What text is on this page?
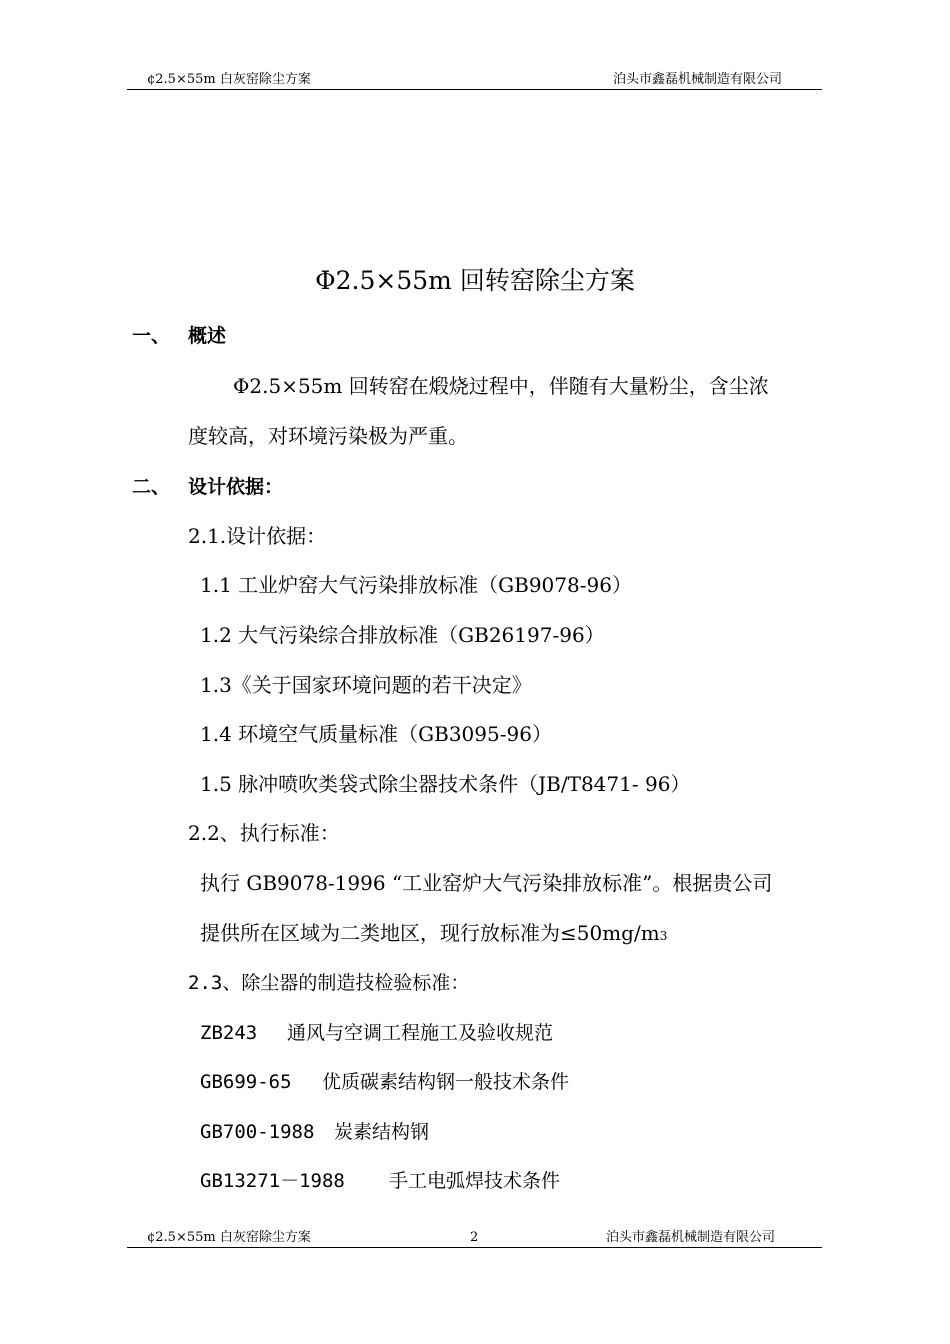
¢2.5×55m 白灰窑除尘方案	泊头市鑫磊机械制造有限公司
Φ2.5×55m 回转窑除尘方案
一、 概述
Φ2.5×55m 回转窑在煅烧过程中，伴随有大量粉尘，含尘浓
度较高，对环境污染极为严重。
二、 设计依据：
2.1.设计依据：
1.1 工业炉窑大气污染排放标准（GB9078-96）
1.2 大气污染综合排放标准（GB26197-96）
1.3《关于国家环境问题的若干决定》
1.4 环境空气质量标准（GB3095-96）
1.5 脉冲喷吹类袋式除尘器技术条件（JB/T8471- 96）
2.2、执行标准：
执行 GB9078-1996 “工业窑炉大气污染排放标准”。根据贵公司
提供所在区域为二类地区，现行放标准为≤50mg/m3
2.3、除尘器的制造技检验标准：
ZB243 通风与空调工程施工及验收规范
GB699-65 优质碳素结构钢一般技术条件
GB700-1988 炭素结构钢
GB13271－1988 手工电弧焊技术条件
¢2.5×55m 白灰窑除尘方案	2	泊头市鑫磊机械制造有限公司
